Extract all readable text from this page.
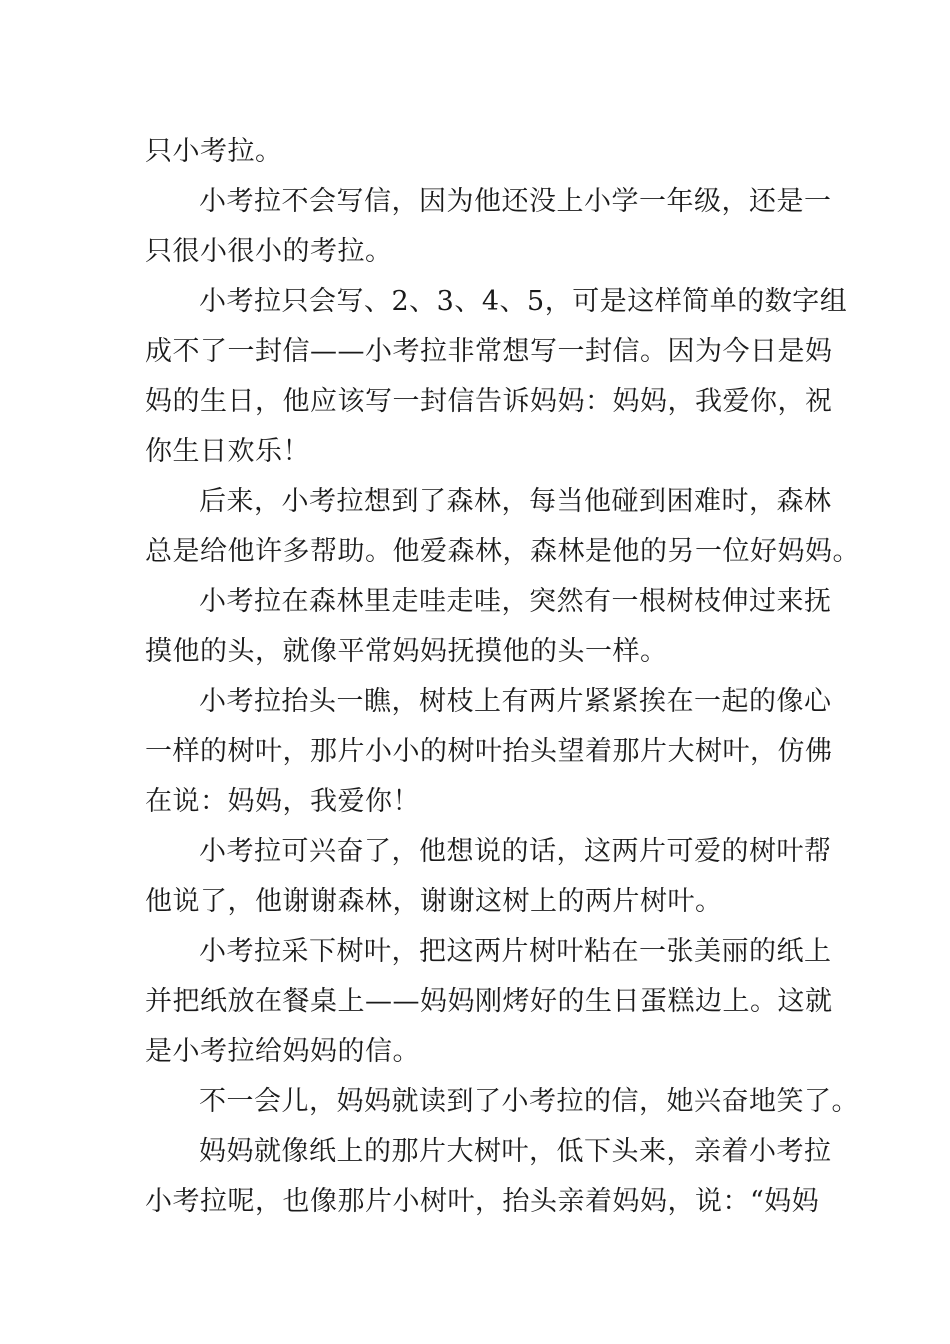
只小考拉。
小考拉不会写信，因为他还没上小学一年级，还是一
只很小很小的考拉。
小考拉只会写、2、3、4、5，可是这样简单的数字组
成不了一封信——小考拉非常想写一封信。因为今日是妈
妈的生日，他应该写一封信告诉妈妈：妈妈，我爱你，祝
你生日欢乐！
后来，小考拉想到了森林，每当他碰到困难时，森林
总是给他许多帮助。他爱森林，森林是他的另一位好妈妈。
小考拉在森林里走哇走哇，突然有一根树枝伸过来抚
摸他的头，就像平常妈妈抚摸他的头一样。
小考拉抬头一瞧，树枝上有两片紧紧挨在一起的像心
一样的树叶，那片小小的树叶抬头望着那片大树叶，仿佛
在说：妈妈，我爱你！
小考拉可兴奋了，他想说的话，这两片可爱的树叶帮
他说了，他谢谢森林，谢谢这树上的两片树叶。
小考拉采下树叶，把这两片树叶粘在一张美丽的纸上
并把纸放在餐桌上——妈妈刚烤好的生日蛋糕边上。这就
是小考拉给妈妈的信。
不一会儿，妈妈就读到了小考拉的信，她兴奋地笑了。
妈妈就像纸上的那片大树叶，低下头来，亲着小考拉
小考拉呢，也像那片小树叶，抬头亲着妈妈，说：“妈妈
